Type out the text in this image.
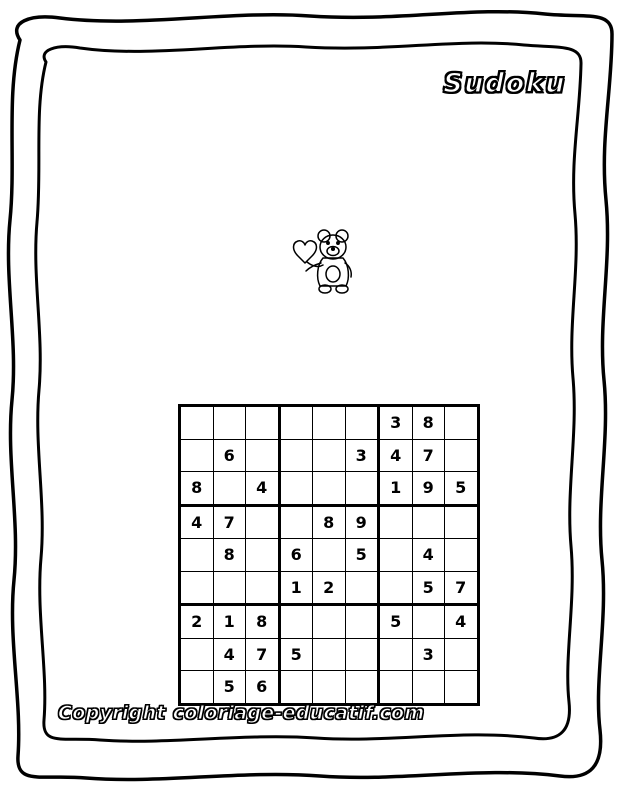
Sudoku
						3	8	
	6				3	4	7	
8		4				1	9	5
4	7			8	9			
	8		6		5		4	
			1	2			5	7
2	1	8				5		4
	4	7	5				3	
	5	6						
Copyright coloriage-educatif.com
